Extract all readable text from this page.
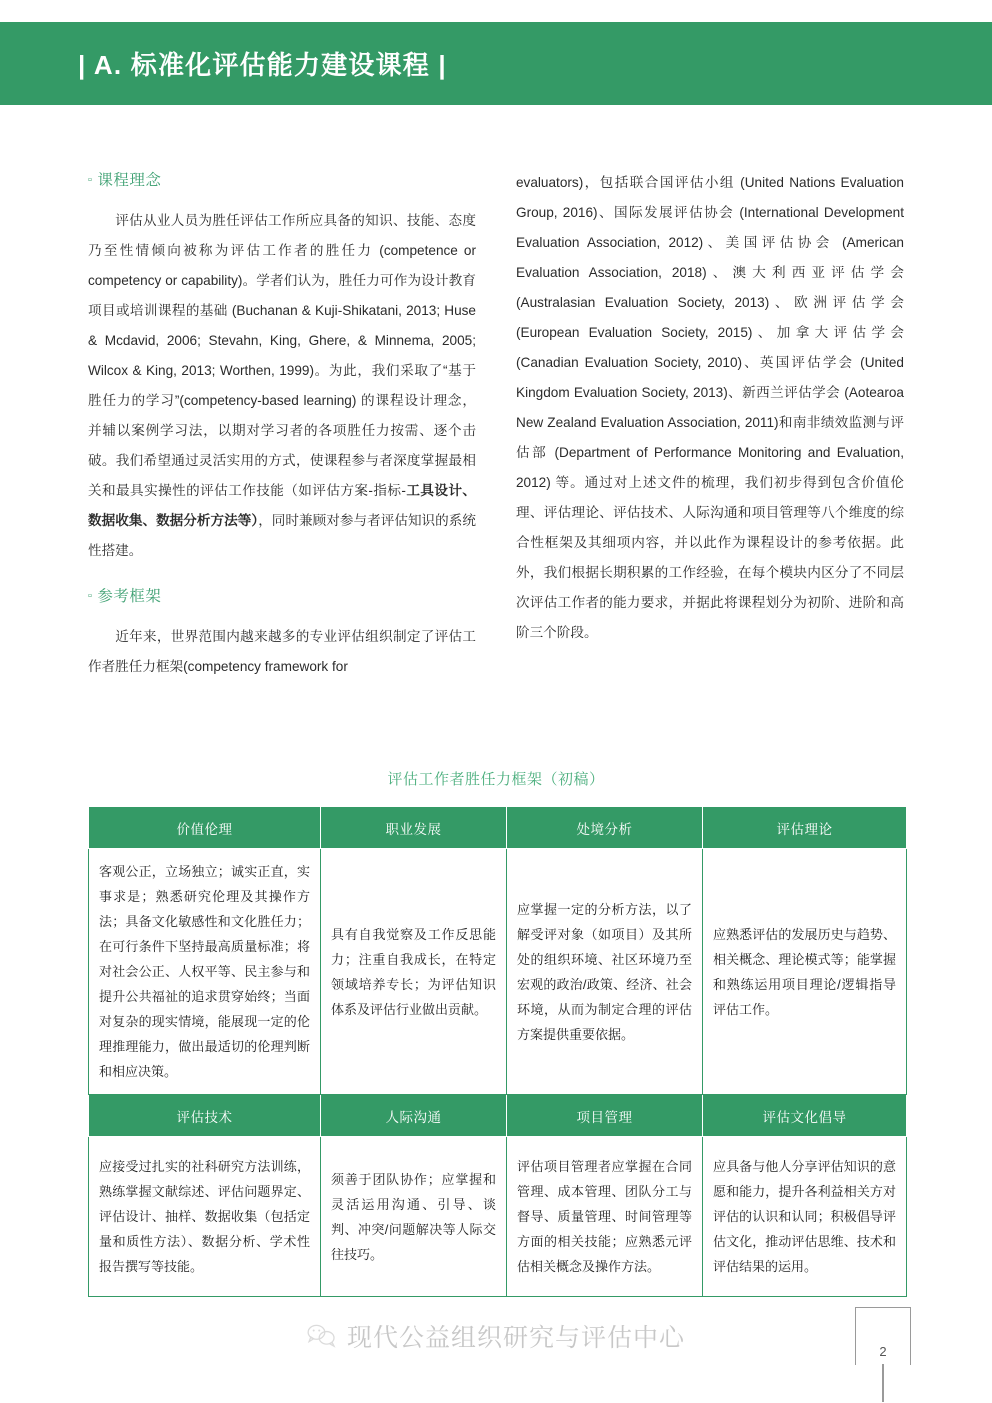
| A. 标准化评估能力建设课程 |
▫ 课程理念

评估从业人员为胜任评估工作所应具备的知识、技能、态度乃至性情倾向被称为评估工作者的胜任力 (competence or competency or capability)。学者们认为，胜任力可作为设计教育项目或培训课程的基础 (Buchanan & Kuji-Shikatani, 2013; Huse & Mcdavid, 2006; Stevahn, King, Ghere, & Minnema, 2005; Wilcox & King, 2013; Worthen, 1999)。为此，我们采取了“基于胜任力的学习”(competency-based learning) 的课程设计理念，并辅以案例学习法，以期对学习者的各项胜任力按需、逐个击破。我们希望通过灵活实用的方式，使课程参与者深度掌握最相关和最具实操性的评估工作技能（如评估方案-指标-工具设计、数据收集、数据分析方法等），同时兼顾对参与者评估知识的系统性搭建。

▫ 参考框架

近年来，世界范围内越来越多的专业评估组织制定了评估工作者胜任力框架(competency framework for

evaluators)，包括联合国评估小组 (United Nations Evaluation Group, 2016)、国际发展评估协会 (International Development Evaluation Association, 2012)、美国评估协会 (American Evaluation Association, 2018)、澳大利西亚评估学会 (Australasian Evaluation Society, 2013)、欧洲评估学会 (European Evaluation Society, 2015)、加拿大评估学会 (Canadian Evaluation Society, 2010)、英国评估学会 (United Kingdom Evaluation Society, 2013)、新西兰评估学会 (Aotearoa New Zealand Evaluation Association, 2011)和南非绩效监测与评估部 (Department of Performance Monitoring and Evaluation, 2012) 等。通过对上述文件的梳理，我们初步得到包含价值伦理、评估理论、评估技术、人际沟通和项目管理等八个维度的综合性框架及其细项内容，并以此作为课程设计的参考依据。此外，我们根据长期积累的工作经验，在每个模块内区分了不同层次评估工作者的能力要求，并据此将课程划分为初阶、进阶和高阶三个阶段。

评估工作者胜任力框架（初稿）
价值伦理	职业发展	处境分析	评估理论
客观公正，立场独立；诚实正直，实事求是；熟悉研究伦理及其操作方法；具备文化敏感性和文化胜任力；在可行条件下坚持最高质量标准；将对社会公正、人权平等、民主参与和提升公共福祉的追求贯穿始终；当面对复杂的现实情境，能展现一定的伦理推理能力，做出最适切的伦理判断和相应决策。	具有自我觉察及工作反思能力；注重自我成长，在特定领域培养专长；为评估知识体系及评估行业做出贡献。	应掌握一定的分析方法，以了解受评对象（如项目）及其所处的组织环境、社区环境乃至宏观的政治/政策、经济、社会环境，从而为制定合理的评估方案提供重要依据。	应熟悉评估的发展历史与趋势、相关概念、理论模式等；能掌握和熟练运用项目理论/逻辑指导评估工作。
评估技术	人际沟通	项目管理	评估文化倡导
应接受过扎实的社科研究方法训练，熟练掌握文献综述、评估问题界定、评估设计、抽样、数据收集（包括定量和质性方法）、数据分析、学术性报告撰写等技能。	须善于团队协作；应掌握和灵活运用沟通、引导、谈判、冲突/问题解决等人际交往技巧。	评估项目管理者应掌握在合同管理、成本管理、团队分工与督导、质量管理、时间管理等方面的相关技能；应熟悉元评估相关概念及操作方法。	应具备与他人分享评估知识的意愿和能力，提升各利益相关方对评估的认识和认同；积极倡导评估文化，推动评估思维、技术和评估结果的运用。
现代公益组织研究与评估中心	2
